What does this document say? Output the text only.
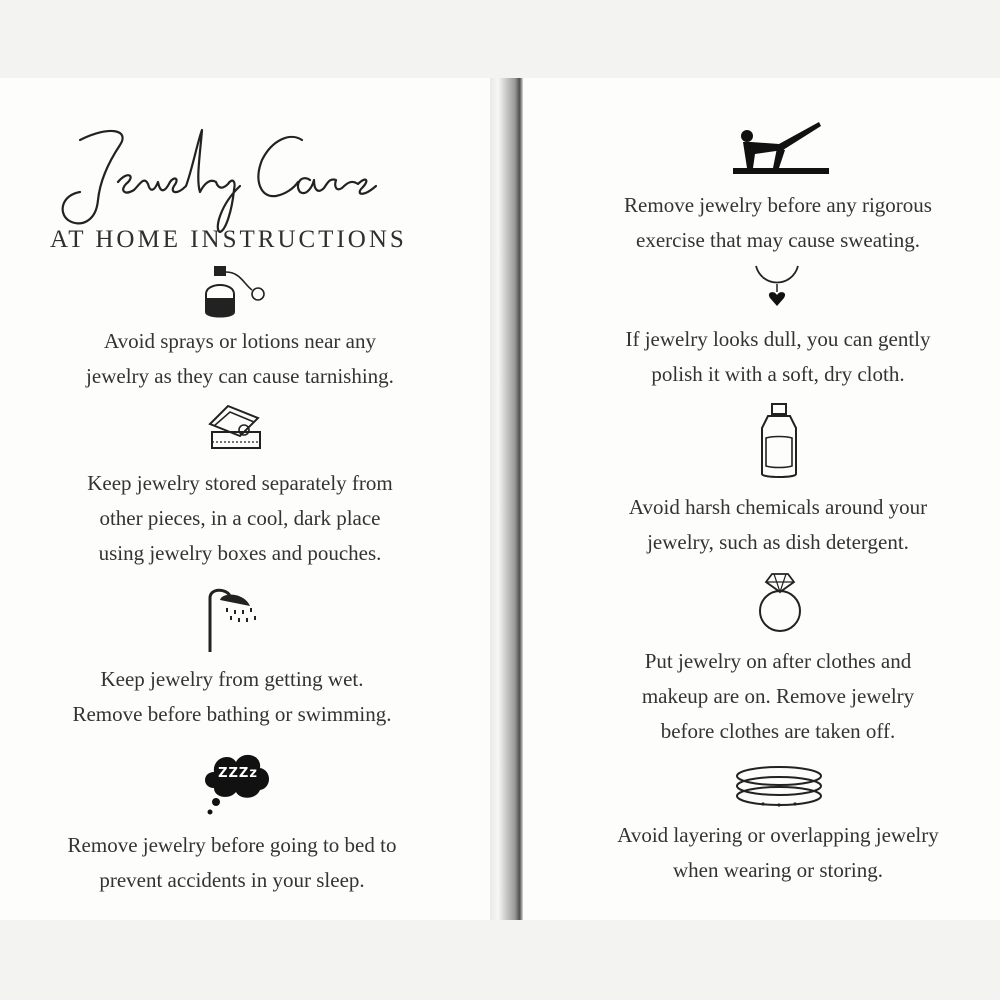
AT HOME INSTRUCTIONS
ZZZz
Avoid sprays or lotions near any
jewelry as they can cause tarnishing.
Keep jewelry stored separately from
other pieces, in a cool, dark place
using jewelry boxes and pouches.
Keep jewelry from getting wet.
Remove before bathing or swimming.
Remove jewelry before going to bed to
prevent accidents in your sleep.
Remove jewelry before any rigorous
exercise that may cause sweating.
If jewelry looks dull, you can gently
polish it with a soft, dry cloth.
Avoid harsh chemicals around your
jewelry, such as dish detergent.
Put jewelry on after clothes and
makeup are on. Remove jewelry
before clothes are taken off.
Avoid layering or overlapping jewelry
when wearing or storing.
